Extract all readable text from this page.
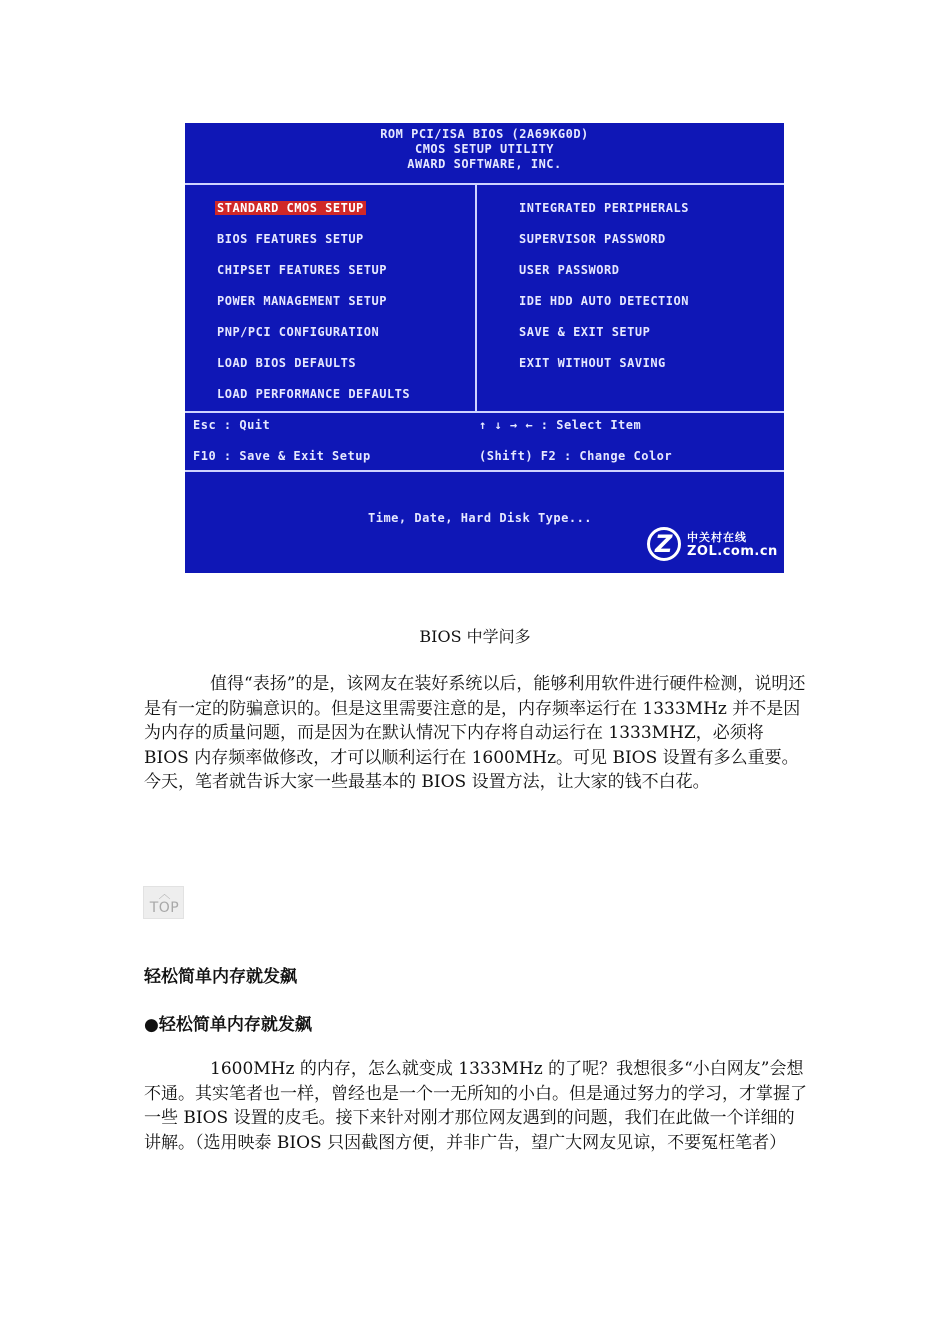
ROM PCI/ISA BIOS (2A69KG0D)
CMOS SETUP UTILITY
AWARD SOFTWARE, INC.
STANDARD CMOS SETUP
BIOS FEATURES SETUP
CHIPSET FEATURES SETUP
POWER MANAGEMENT SETUP
PNP/PCI CONFIGURATION
LOAD BIOS DEFAULTS
LOAD PERFORMANCE DEFAULTS
INTEGRATED PERIPHERALS
SUPERVISOR PASSWORD
USER PASSWORD
IDE HDD AUTO DETECTION
SAVE & EXIT SETUP
EXIT WITHOUT SAVING
Esc : Quit	↑ ↓ → ← : Select Item
F10 : Save & Exit Setup	(Shift) F2 : Change Color
Time, Date, Hard Disk Type...
Z	中关村在线
ZOL.com.cn
BIOS 中学问多

值得“表扬”的是，该网友在装好系统以后，能够利用软件进行硬件检测，说明还是有一定的防骗意识的。但是这里需要注意的是，内存频率运行在 1333MHz 并不是因为内存的质量问题，而是因为在默认情况下内存将自动运行在 1333MHZ，必须将 BIOS 内存频率做修改，才可以顺利运行在 1600MHz。可见 BIOS 设置有多么重要。今天，笔者就告诉大家一些最基本的 BIOS 设置方法，让大家的钱不白花。

︿
TOP
轻松简单内存就发飙
●轻松简单内存就发飙

1600MHz 的内存，怎么就变成 1333MHz 的了呢？我想很多“小白网友”会想不通。其实笔者也一样，曾经也是一个一无所知的小白。但是通过努力的学习，才掌握了一些 BIOS 设置的皮毛。接下来针对刚才那位网友遇到的问题，我们在此做一个详细的讲解。（选用映泰 BIOS 只因截图方便，并非广告，望广大网友见谅，不要冤枉笔者）
